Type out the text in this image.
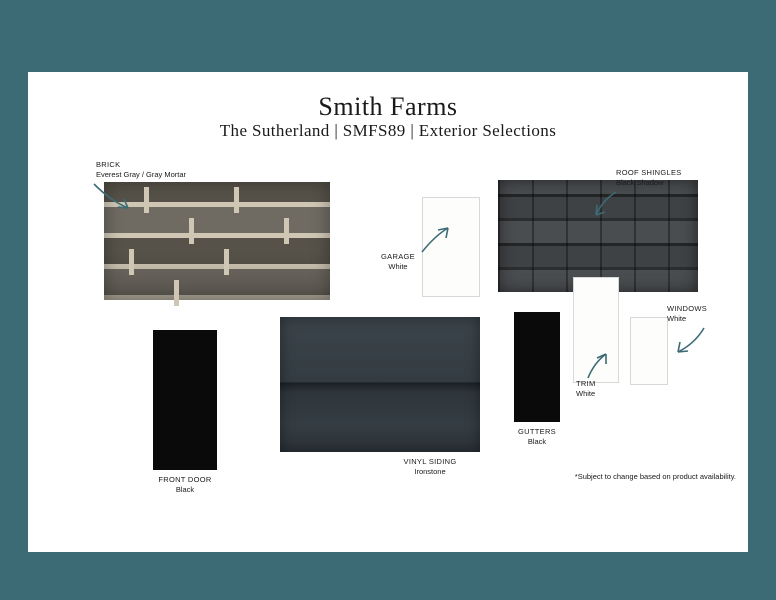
Smith Farms
The Sutherland | SMFS89 | Exterior Selections
BRICK
Everest Gray / Gray Mortar	ROOF SHINGLES
Black Shadow
GARAGE
White
WINDOWS
White
TRIM
White
GUTTERS
Black
VINYL SIDING
Ironstone
FRONT DOOR
Black
*Subject to change based on product availability.
